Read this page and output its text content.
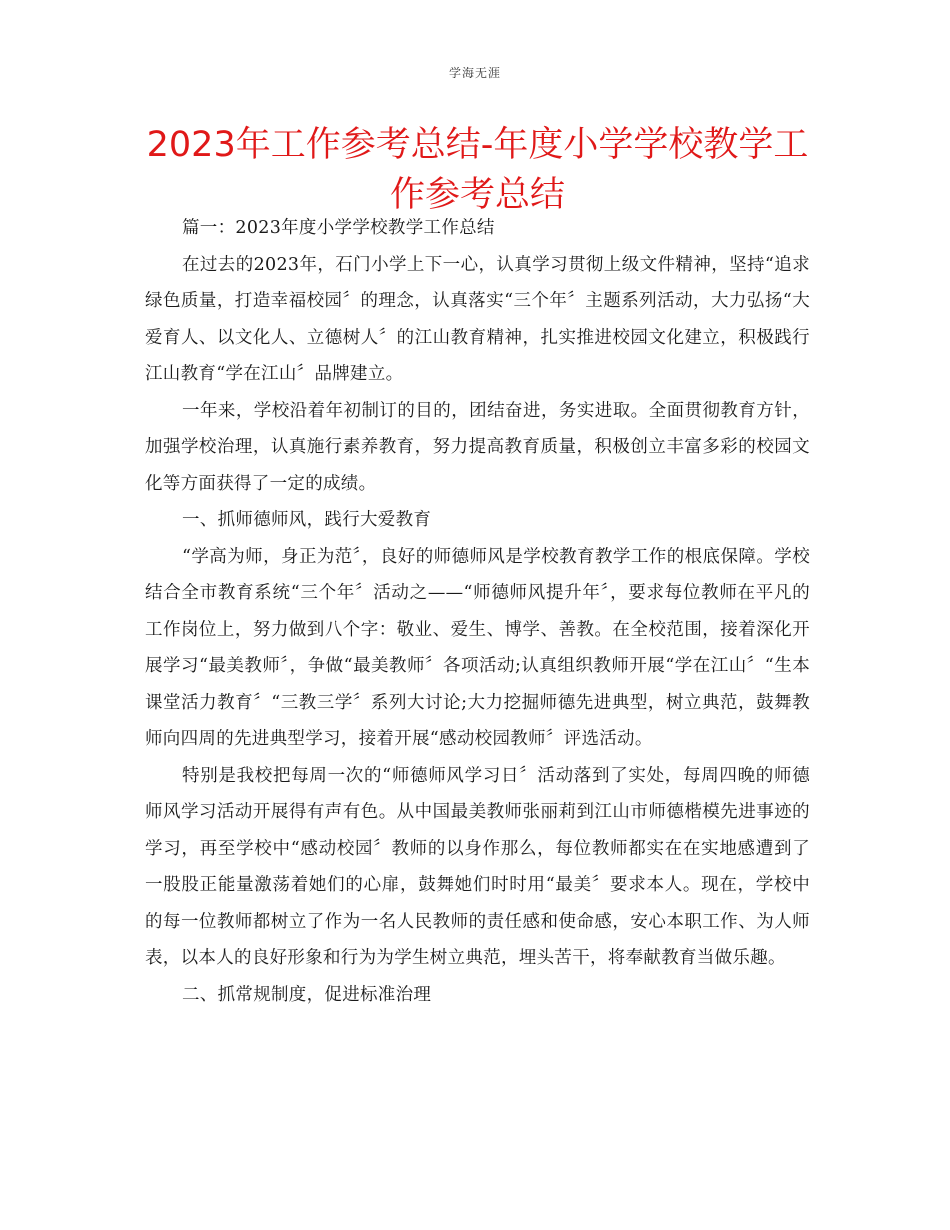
学海无涯
2023年工作参考总结-年度小学学校教学工作参考总结

篇一：2023年度小学学校教学工作总结

在过去的2023年，石门小学上下一心，认真学习贯彻上级文件精神，坚持“追求绿色质量，打造幸福校园〞的理念，认真落实“三个年〞主题系列活动，大力弘扬“大爱育人、以文化人、立德树人〞的江山教育精神，扎实推进校园文化建立，积极践行江山教育“学在江山〞品牌建立。

一年来，学校沿着年初制订的目的，团结奋进，务实进取。全面贯彻教育方针，加强学校治理，认真施行素养教育，努力提高教育质量，积极创立丰富多彩的校园文化等方面获得了一定的成绩。

一、抓师德师风，践行大爱教育

“学高为师，身正为范〞，良好的师德师风是学校教育教学工作的根底保障。学校结合全市教育系统“三个年〞活动之——“师德师风提升年〞，要求每位教师在平凡的工作岗位上，努力做到八个字：敬业、爱生、博学、善教。在全校范围，接着深化开展学习“最美教师〞，争做“最美教师〞各项活动;认真组织教师开展“学在江山〞“生本课堂活力教育〞“三教三学〞系列大讨论;大力挖掘师德先进典型，树立典范，鼓舞教师向四周的先进典型学习，接着开展“感动校园教师〞评选活动。

特别是我校把每周一次的“师德师风学习日〞活动落到了实处，每周四晚的师德师风学习活动开展得有声有色。从中国最美教师张丽莉到江山市师德楷模先进事迹的学习，再至学校中“感动校园〞教师的以身作那么，每位教师都实在在实地感遭到了一股股正能量激荡着她们的心扉，鼓舞她们时时用“最美〞要求本人。现在，学校中的每一位教师都树立了作为一名人民教师的责任感和使命感，安心本职工作、为人师表，以本人的良好形象和行为为学生树立典范，埋头苦干，将奉献教育当做乐趣。

二、抓常规制度，促进标准治理
